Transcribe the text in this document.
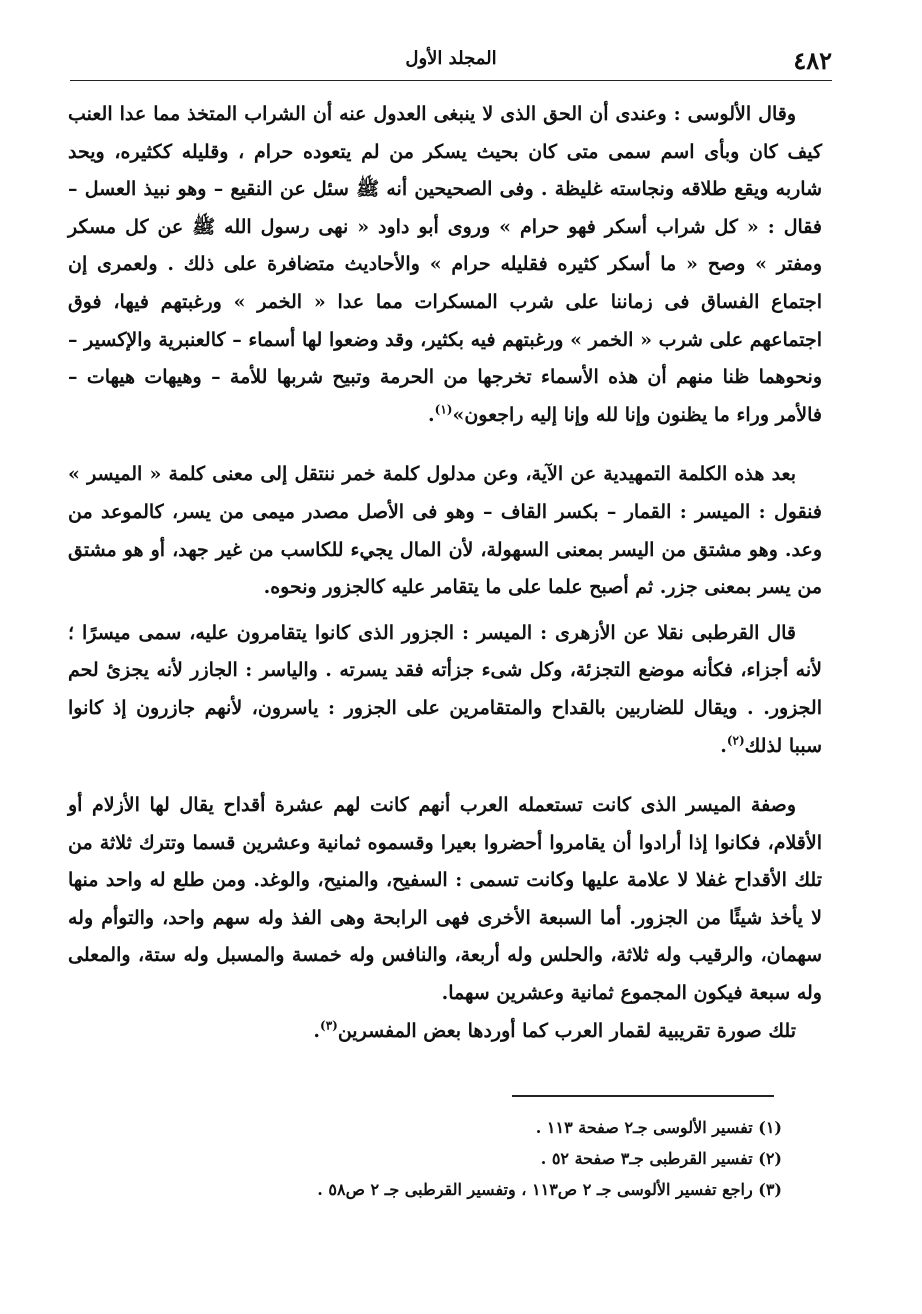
٤٨٢
المجلد الأول

وقال الألوسى : وعندى أن الحق الذى لا ينبغى العدول عنه أن الشراب المتخذ مما عدا العنب كيف كان وبأى اسم سمى متى كان بحيث يسكر من لم يتعوده حرام ، وقليله ككثيره، ويحد شاربه ويقع طلاقه ونجاسته غليظة . وفى الصحيحين أنه ﷺ سئل عن النقيع – وهو نبيذ العسل – فقال : « كل شراب أسكر فهو حرام » وروى أبو داود « نهى رسول الله ﷺ عن كل مسكر ومفتر » وصح « ما أسكر كثيره فقليله حرام » والأحاديث متضافرة على ذلك . ولعمرى إن اجتماع الفساق فى زماننا على شرب المسكرات مما عدا « الخمر » ورغبتهم فيها، فوق اجتماعهم على شرب « الخمر » ورغبتهم فيه بكثير، وقد وضعوا لها أسماء – كالعنبرية والإكسير – ونحوهما ظنا منهم أن هذه الأسماء تخرجها من الحرمة وتبيح شربها للأمة – وهيهات هيهات – فالأمر وراء ما يظنون وإنا لله وإنا إليه راجعون»$^{(١)}$.

بعد هذه الكلمة التمهيدية عن الآية، وعن مدلول كلمة خمر ننتقل إلى معنى كلمة « الميسر » فنقول : الميسر : القمار – بكسر القاف – وهو فى الأصل مصدر ميمى من يسر، كالموعد من وعد. وهو مشتق من اليسر بمعنى السهولة، لأن المال يجيء للكاسب من غير جهد، أو هو مشتق من يسر بمعنى جزر. ثم أصبح علما على ما يتقامر عليه كالجزور ونحوه.

قال القرطبى نقلا عن الأزهرى : الميسر : الجزور الذى كانوا يتقامرون عليه، سمى ميسرًا ؛ لأنه أجزاء، فكأنه موضع التجزئة، وكل شىء جزأته فقد يسرته . والياسر : الجازر لأنه يجزئ لحم الجزور. . ويقال للضاربين بالقداح والمتقامرين على الجزور : ياسرون، لأنهم جازرون إذ كانوا سببا لذلك$^{(٢)}$.

وصفة الميسر الذى كانت تستعمله العرب أنهم كانت لهم عشرة أقداح يقال لها الأزلام أو الأقلام، فكانوا إذا أرادوا أن يقامروا أحضروا بعيرا وقسموه ثمانية وعشرين قسما وتترك ثلاثة من تلك الأقداح غفلا لا علامة عليها وكانت تسمى : السفيح، والمنيح، والوغد. ومن طلع له واحد منها لا يأخذ شيئًا من الجزور. أما السبعة الأخرى فهى الرابحة وهى الفذ وله سهم واحد، والتوأم وله سهمان، والرقيب وله ثلاثة، والحلس وله أربعة، والنافس وله خمسة والمسبل وله ستة، والمعلى وله سبعة فيكون المجموع ثمانية وعشرين سهما.

تلك صورة تقريبية لقمار العرب كما أوردها بعض المفسرين$^{(٣)}$.

(١) تفسير الألوسى جـ٢ صفحة ١١٣ .

(٢) تفسير القرطبى جـ٣ صفحة ٥٢ .

(٣) راجع تفسير الألوسى جـ ٢ ص١١٣ ، وتفسير القرطبى جـ ٢ ص٥٨ .
